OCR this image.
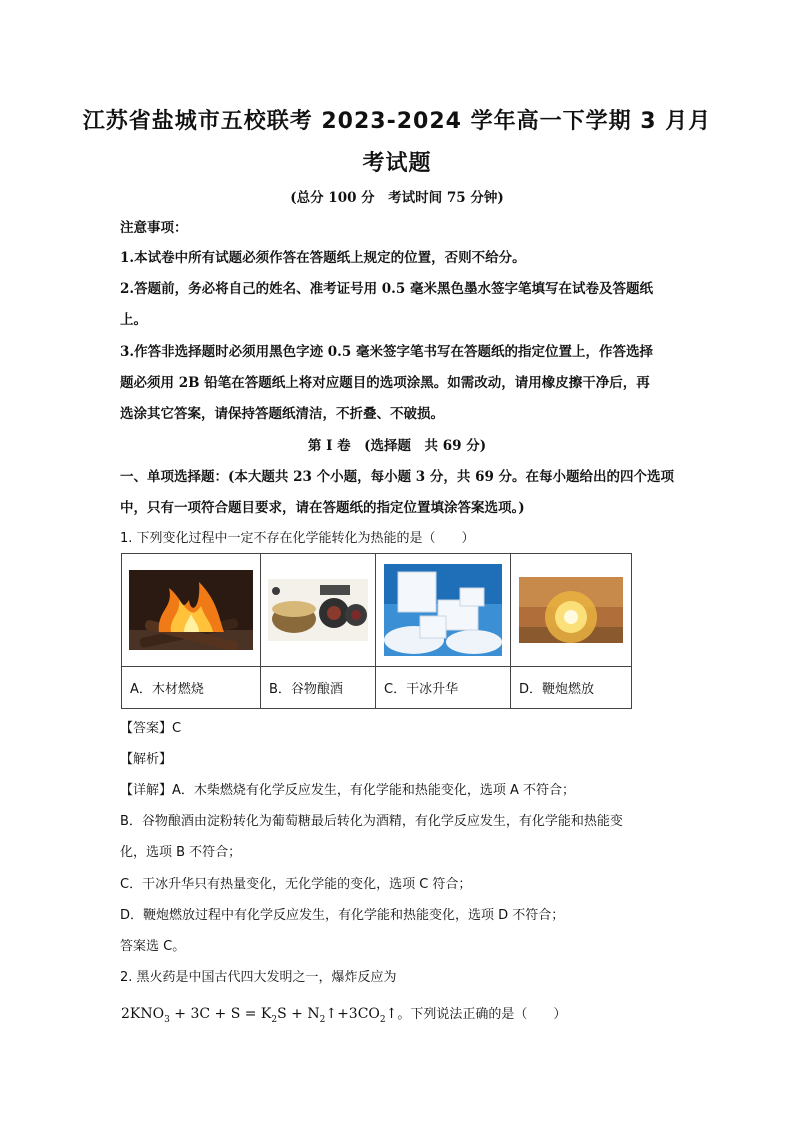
江苏省盐城市五校联考 2023-2024 学年高一下学期 3 月月
考试题
(总分 100 分　考试时间 75 分钟)
注意事项：
1.本试卷中所有试题必须作答在答题纸上规定的位置，否则不给分。
2.答题前，务必将自己的姓名、准考证号用 0.5 毫米黑色墨水签字笔填写在试卷及答题纸
上。
3.作答非选择题时必须用黑色字迹 0.5 毫米签字笔书写在答题纸的指定位置上，作答选择
题必须用 2B 铅笔在答题纸上将对应题目的选项涂黑。如需改动，请用橡皮擦干净后，再
选涂其它答案，请保持答题纸清洁，不折叠、不破损。
第 I 卷　(选择题　共 69 分)
一、单项选择题：(本大题共 23 个小题，每小题 3 分，共 69 分。在每小题给出的四个选项
中，只有一项符合题目要求，请在答题纸的指定位置填涂答案选项。)
1. 下列变化过程中一定不存在化学能转化为热能的是（　　）

A．木材燃烧	B．谷物酿酒	C．干冰升华	D．鞭炮燃放
【答案】C
【解析】
【详解】A．木柴燃烧有化学反应发生，有化学能和热能变化，选项 A 不符合；
B．谷物酿酒由淀粉转化为葡萄糖最后转化为酒精，有化学反应发生，有化学能和热能变
化，选项 B 不符合；
C．干冰升华只有热量变化，无化学能的变化，选项 C 符合；
D．鞭炮燃放过程中有化学反应发生，有化学能和热能变化，选项 D 不符合；
答案选 C。
2. 黑火药是中国古代四大发明之一，爆炸反应为
$2KNO_3 + 3C + S = K_2S$ + $N_2↑+3CO_2↑$。下列说法正确的是（　　）
